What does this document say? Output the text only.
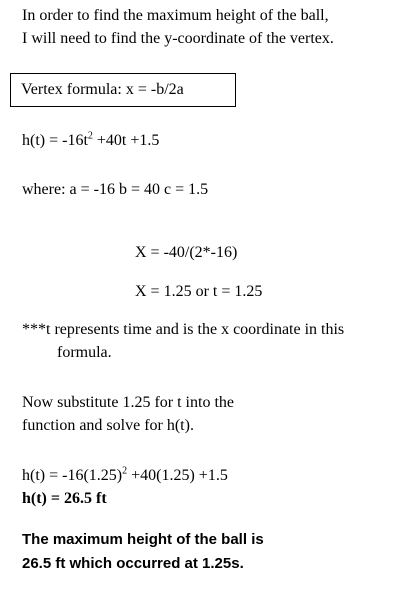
In order to find the maximum height of the ball,
I will need to find the y-coordinate of the vertex.
Vertex formula: x = -b/2a
$h(t) = -16t^2 +40t +1.5$
where: a = -16 b = 40 c = 1.5
X = -40/(2*-16)
X = 1.25 or t = 1.25
***t represents time and is the x coordinate in this
formula.
Now substitute 1.25 for t into the
function and solve for h(t).
$h(t) = -16(1.25)^2 +40(1.25) +1.5$
h(t) = 26.5 ft
The maximum height of the ball is
26.5 ft which occurred at 1.25s.
